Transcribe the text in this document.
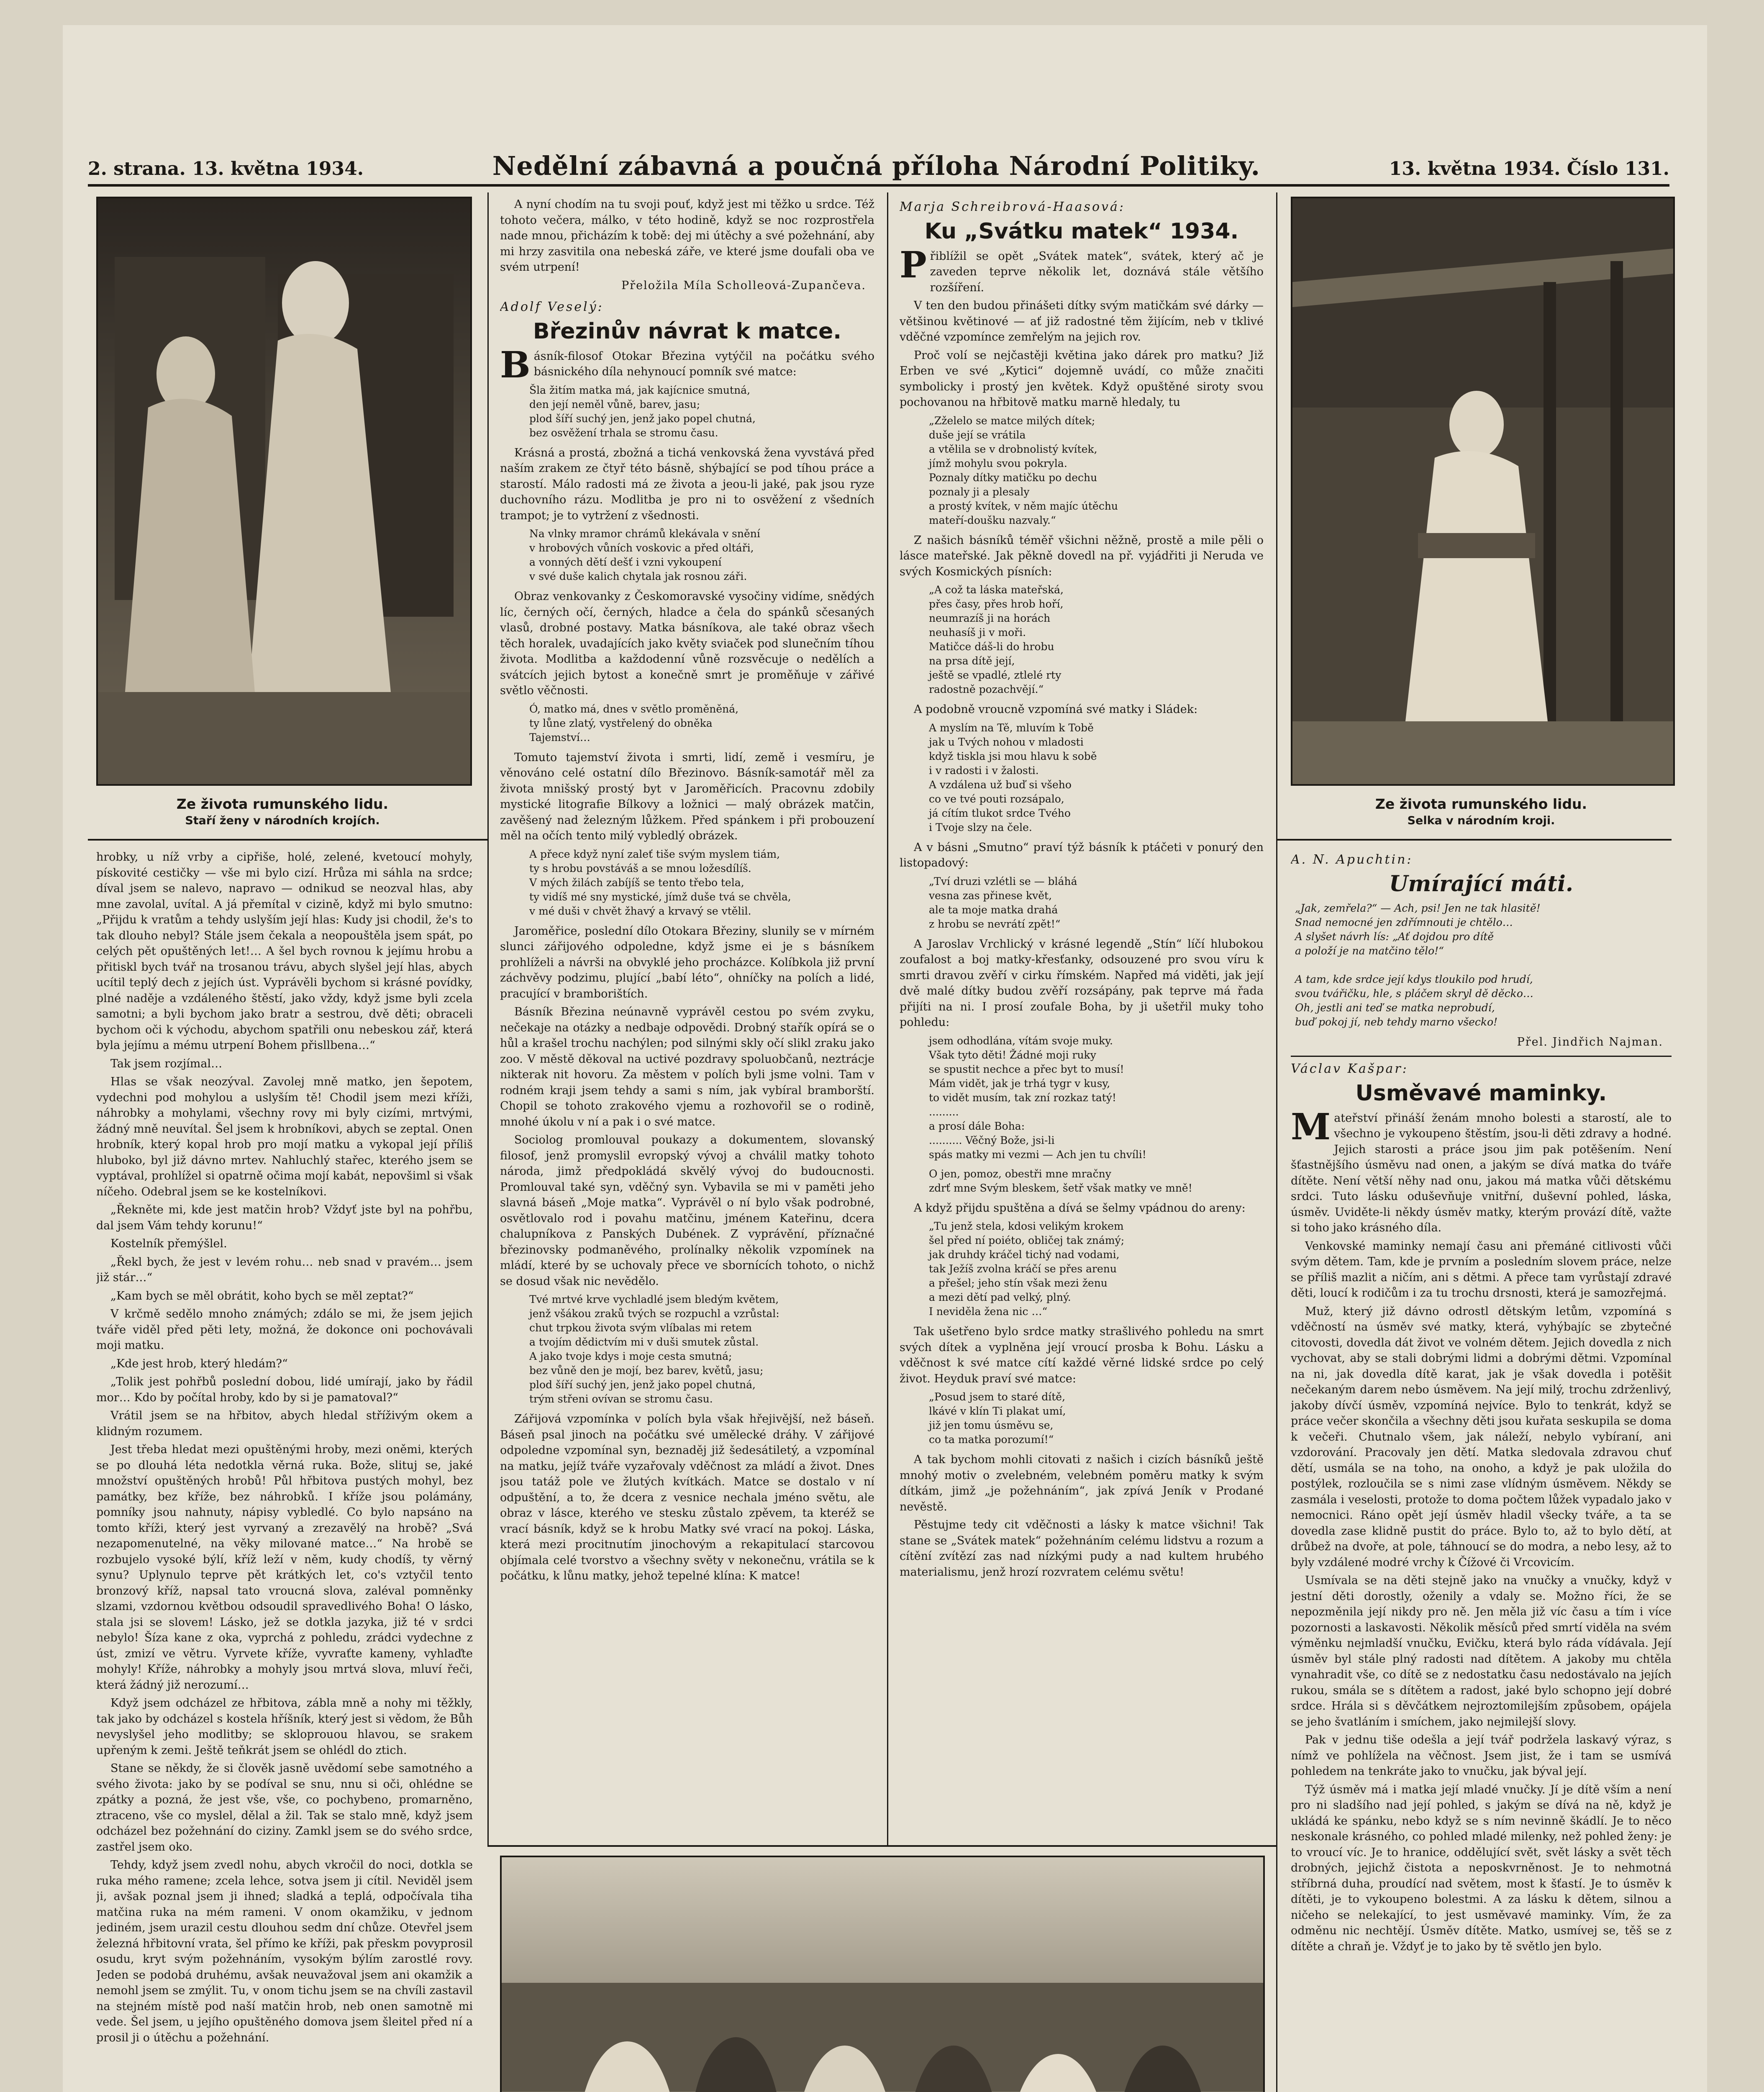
2. strana. 13. května 1934.	Nedělní zábavná a poučná příloha Národní Politiky.	13. května 1934. Číslo 131.
Ze života rumunského lidu.
Staří ženy v národních krojích.
Ze života rumunského lidu.
Selka v národním kroji.

hrobky, u níž vrby a cipřiše, holé, zelené, kvetoucí mohyly, pískovité cestičky — vše mi bylo cizí. Hrůza mi sáhla na srdce; díval jsem se nalevo, napravo — odnikud se neozval hlas, aby mne zavolal, uvítal. A já přemítal v cizině, když mi bylo smutno: „Přijdu k vratům a tehdy uslyším její hlas: Kudy jsi chodil, že's to tak dlouho nebyl? Stále jsem čekala a neopouštěla jsem spát, po celých pět opuštěných let!… A šel bych rovnou k jejímu hrobu a přitiskl bych tvář na trosanou trávu, abych slyšel její hlas, abych ucítil teplý dech z jejích úst. Vyprávěli bychom si krásné povídky, plné naděje a vzdáleného štěstí, jako vždy, když jsme byli zcela samotni; a byli bychom jako bratr a sestrou, dvě děti; obraceli bychom oči k východu, abychom spatřili onu nebeskou zář, která byla jejímu a mému utrpení Bohem přisllbena…“

Tak jsem rozjímal…

Hlas se však neozýval. Zavolej mně matko, jen šepotem, vydechni pod mohylou a uslyším tě! Chodil jsem mezi kříži, náhrobky a mohylami, všechny rovy mi byly cizími, mrtvými, žádný mně neuvítal. Šel jsem k hrobníkovi, abych se zeptal. Onen hrobník, který kopal hrob pro mojí matku a vykopal její příliš hluboko, byl již dávno mrtev. Nahluchlý stařec, kterého jsem se vyptával, prohlížel si opatrně očima mojí kabát, nepovšiml si však níčeho. Odebral jsem se ke kostelníkovi.

„Řekněte mi, kde jest matčin hrob? Vždyť jste byl na pohřbu, dal jsem Vám tehdy korunu!“

Kostelník přemýšlel.

„Řekl bych, že jest v levém rohu… neb snad v pravém… jsem již stár…“

„Kam bych se měl obrátit, koho bych se měl zeptat?“

V krčmě sedělo mnoho známých; zdálo se mi, že jsem jejich tváře viděl před pěti lety, možná, že dokonce oni pochovávali moji matku.

„Kde jest hrob, který hledám?“

„Tolik jest pohřbů poslední dobou, lidé umírají, jako by řádil mor… Kdo by počítal hroby, kdo by si je pamatoval?“

Vrátil jsem se na hřbitov, abych hledal stříživým okem a klidným rozumem.

Jest třeba hledat mezi opuštěnými hroby, mezi oněmi, kterých se po dlouhá léta nedotkla věrná ruka. Bože, slituj se, jaké množství opuštěných hrobů! Půl hřbitova pustých mohyl, bez památky, bez kříže, bez náhrobků. I kříže jsou polámány, pomníky jsou nahnuty, nápisy vybledlé. Co bylo napsáno na tomto kříži, který jest vyrvaný a zrezavělý na hrobě? „Svá nezapomenutelné, na věky milované matce…“ Na hrobě se rozbujelo vysoké býlí, kříž leží v něm, kudy chodíš, ty věrný synu? Uplynulo teprve pět krátkých let, co's vztyčil tento bronzový kříž, napsal tato vroucná slova, zaléval pomněnky slzami, vzdornou květbou odsoudil spravedlivého Boha! O lásko, stala jsi se slovem! Lásko, jež se dotkla jazyka, již té v srdci nebylo! Šíza kane z oka, vyprchá z pohledu, zrádci vydechne z úst, zmizí ve větru. Vyrvete kříže, vyvraťte kameny, vyhlaďte mohyly! Kříže, náhrobky a mohyly jsou mrtvá slova, mluví řeči, která žádný již nerozumí…

Když jsem odcházel ze hřbitova, zábla mně a nohy mi těžkly, tak jako by odcházel s kostela hříšník, který jest si vědom, že Bůh nevyslyšel jeho modlitby; se skloprouou hlavou, se srakem upřeným k zemi. Ještě teňkrát jsem se ohlédl do ztich.

Stane se někdy, že si člověk jasně uvědomí sebe samotného a svého života: jako by se podíval se snu, nnu si oči, ohlédne se zpátky a pozná, že jest vše, vše, co pochybeno, promarněno, ztraceno, vše co myslel, dělal a žil. Tak se stalo mně, když jsem odcházel bez požehnání do ciziny. Zamkl jsem se do svého srdce, zastřel jsem oko.

Tehdy, když jsem zvedl nohu, abych vkročil do noci, dotkla se ruka mého ramene; zcela lehce, sotva jsem ji cítil. Neviděl jsem ji, avšak poznal jsem ji ihned; sladká a teplá, odpočívala tiha matčina ruka na mém rameni. V onom okamžiku, v jednom jediném, jsem urazil cestu dlouhou sedm dní chůze. Otevřel jsem železná hřbitovní vrata, šel přímo ke kříži, pak přeskm povyprosil osudu, kryt svým požehnáním, vysokým býlím zarostlé rovy. Jeden se podobá druhému, avšak neuvažoval jsem ani okamžik a nemohl jsem se zmýlit. Tu, v onom tichu jsem se na chvíli zastavil na stejném místě pod naší matčin hrob, neb onen samotně mi vede. Šel jsem, u jejího opuštěného domova jsem šleitel před ní a prosil ji o útěchu a požehnání.

A nyní chodím na tu svoji pouť, když jest mi těžko u srdce. Též tohoto večera, málko, v této hodině, když se noc rozprostřela nade mnou, přicházím k tobě: dej mi útěchy a své požehnání, aby mi hrzy zasvitila ona nebeská záře, ve které jsme doufali oba ve svém utrpení!

Přeložila Míla Scholleová-Zupančeva.
Adolf Veselý:
Březinův návrat k matce.

Básník-filosof Otokar Březina vytýčil na počátku svého básnického díla nehynoucí pomník své matce:

Šla žitím matka má, jak kajícnice smutná,
den její neměl vůně, barev, jasu;
plod šíří suchý jen, jenž jako popel chutná,
bez osvěžení trhala se stromu času.

Krásná a prostá, zbožná a tichá venkovská žena vyvstává před naším zrakem ze čtyř této básně, shýbající se pod tíhou práce a starostí. Málo radosti má ze života a jeou-li jaké, pak jsou ryze duchovního rázu. Modlitba je pro ni to osvěžení z všedních trampot; je to vytržení z všednosti.

Na vlnky mramor chrámů klekávala v snění
v hrobových vůních voskovic a před oltáři,
a vonných dětí dešť i vzni vykoupení
v své duše kalich chytala jak rosnou záři.

Obraz venkovanky z Českomoravské vysočiny vidíme, snědých líc, černých očí, černých, hladce a čela do spánků sčesaných vlasů, drobné postavy. Matka básníkova, ale také obraz všech těch horalek, uvadajících jako květy sviaček pod slunečním tíhou života. Modlitba a každodenní vůně rozsvěcuje o nedělích a svátcích jejich bytost a konečně smrt je proměňuje v zářivé světlo věčnosti.

Ó, matko má, dnes v světlo proměněná,
ty lůne zlatý, vystřelený do obněka
Tajemství…

Tomuto tajemství života i smrti, lidí, země i vesmíru, je věnováno celé ostatní dílo Březinovo. Básník-samotář měl za života mnišský prostý byt v Jaroměřicích. Pracovnu zdobily mystické litografie Bílkovy a ložnici — malý obrázek matčin, zavěšený nad železným lůžkem. Před spánkem i při probouzení měl na očích tento milý vybledlý obrázek.

A přece když nyní zaleť tiše svým myslem tiám,
ty s hrobu povstáváš a se mnou ložesdílíš.
V mých žilách zabíjíš se tento třebo tela,
ty vidíš mé sny mystické, jímž duše tvá se chvěla,
v mé duši v chvět žhavý a krvavý se vtělil.

Jaroměřice, poslední dílo Otokara Březiny, slunily se v mírném slunci zářijového odpoledne, když jsme ei je s básníkem prohlíželi a návrši na obvyklé jeho procházce. Kolíbkola již první záchvěvy podzimu, plující „babí léto“, ohníčky na polích a lidé, pracující v bramborištích.

Básník Březina neúnavně vyprávěl cestou po svém zvyku, nečekaje na otázky a nedbaje odpovědi. Drobný stařík opírá se o hůl a krašel trochu nachýlen; pod silnými skly očí slikl zraku jako zoo. V městě děkoval na uctivé pozdravy spoluobčanů, neztrácje nikterak nit hovoru. Za městem v polích byli jsme volni. Tam v rodném kraji jsem tehdy a sami s ním, jak vybíral bramborští. Chopil se tohoto zrakového vjemu a rozhovořil se o rodině, mnohé úkolu v ní a pak i o své matce.

Sociolog promlouval poukazy a dokumentem, slovanský filosof, jenž promyslil evropský vývoj a chválil matky tohoto národa, jimž předpokládá skvělý vývoj do budoucnosti. Promlouval také syn, vděčný syn. Vybavila se mi v paměti jeho slavná báseň „Moje matka“. Vyprávěl o ní bylo však podrobné, osvětlovalo rod i povahu matčinu, jménem Kateřinu, dcera chalupníkova z Panských Dubének. Z vyprávění, příznačné březinovsky podmaněvého, prolínalky několik vzpomínek na mládí, které by se uchovaly přece ve sbornících tohoto, o nichž se dosud však nic nevědělo.

Tvé mrtvé krve vychladlé jsem bledým květem,
jenž všákou zraků tvých se rozpuchl a vzrůstal:
chut trpkou života svým vlíbalas mi retem
a tvojím dědictvím mi v duši smutek zůstal.
A jako tvoje kdys i moje cesta smutná;
bez vůně den je mojí, bez barev, květů, jasu;
plod šíří suchý jen, jenž jako popel chutná,
trým střeni ovívan se stromu času.

Zářijová vzpomínka v polích byla však hřejivější, než báseň. Báseň psal jinoch na počátku své umělecké dráhy. V zářijové odpoledne vzpomínal syn, beznaděj již šedesátiletý, a vzpomínal na matku, jejíž tváře vyzařovaly vděčnost za mládí a život. Dnes jsou tatáž pole ve žlutých kvítkách. Matce se dostalo v ní odpuštění, a to, že dcera z vesnice nechala jméno světu, ale obraz v lásce, kterého ve stesku zůstalo zpěvem, ta kteréž se vrací básník, když se k hrobu Matky své vrací na pokoj. Láska, která mezi procitnutím jinochovým a rekapitulací starcovou objímala celé tvorstvo a všechny světy v nekonečnu, vrátila se k počátku, k lůnu matky, jehož tepelné klína: K matce!

Marja Schreibrová-Haasová:
Ku „Svátku matek“ 1934.

Přiblížil se opět „Svátek matek“, svátek, který ač je zaveden teprve několik let, doznává stále většího rozšíření.

V ten den budou přinášeti dítky svým matičkám své dárky — většinou květinové — ať již radostné těm žijícím, neb v tklivé vděčné vzpomínce zemřelým na jejich rov.

Proč volí se nejčastěji květina jako dárek pro matku? Již Erben ve své „Kytici“ dojemně uvádí, co může značiti symbolicky i prostý jen květek. Když opuštěné siroty svou pochovanou na hřbitově matku marně hledaly, tu

„Zželelo se matce milých dítek;
duše její se vrátila
a vtělila se v drobnolistý kvítek,
jímž mohylu svou pokryla.
Poznaly dítky matičku po dechu
poznaly ji a plesaly
a prostý kvítek, v něm majíc útěchu
mateří-doušku nazvaly.“

Z našich básníků téměř všichni něžně, prostě a mile pěli o lásce mateřské. Jak pěkně dovedl na př. vyjádřiti ji Neruda ve svých Kosmických písních:

„A což ta láska mateřská,
přes časy, přes hrob hoří,
neumrazíš ji na horách
neuhasíš ji v moři.
Matičce dáš-li do hrobu
na prsa dítě její,
ještě se vpadlé, ztlelé rty
radostně pozachvějí.“

A podobně vroucně vzpomíná své matky i Sládek:

A myslím na Tě, mluvím k Tobě
jak u Tvých nohou v mladosti
když tiskla jsi mou hlavu k sobě
i v radosti i v žalosti.
A vzdálena už buď si všeho
co ve tvé pouti rozsápalo,
já cítím tlukot srdce Tvého
i Tvoje slzy na čele.

A v básni „Smutno“ praví týž básník k ptáčeti v ponurý den listopadový:

„Tví druzi vzlétli se — bláhá
vesna zas přinese květ,
ale ta moje matka drahá
z hrobu se nevrátí zpět!“

A Jaroslav Vrchlický v krásné legendě „Stín“ líčí hlubokou zoufalost a boj matky-křesťanky, odsouzené pro svou víru k smrti dravou zvěří v cirku římském. Napřed má viděti, jak její dvě malé dítky budou zvěří rozsápány, pak teprve má řada přijíti na ni. I prosí zoufale Boha, by ji ušetřil muky toho pohledu:

jsem odhodlána, vítám svoje muky.
Však tyto děti! Žádné moji ruky
se spustit nechce a přec byt to musí!
Mám vidět, jak je trhá tygr v kusy,
to vidět musím, tak zní rozkaz tatý!
.........
a prosí dále Boha:
.......... Věčný Bože, jsi-li
spás matky mi vezmi — Ach jen tu chvíli!
O jen, pomoz, obestři mne mračny
zdrť mne Svým bleskem, šetř však matky ve mně!

A když přijdu spuštěna a dívá se šelmy vpádnou do areny:

„Tu jenž stela, kdosi velikým krokem
šel před ní poiéto, obličej tak známý;
jak druhdy kráčel tichý nad vodami,
tak Ježíš zvolna kráčí se přes arenu
a přešel; jeho stín však mezi ženu
a mezi dětí pad velký, plný.
I neviděla žena nic …“

Tak ušetřeno bylo srdce matky strašlivého pohledu na smrt svých dítek a vyplněna její vroucí prosba k Bohu. Lásku a vděčnost k své matce cítí každé věrné lidské srdce po celý život. Heyduk praví své matce:

„Posud jsem to staré dítě,
lkávé v klín Ti plakat umí,
již jen tomu úsměvu se,
co ta matka porozumí!“

A tak bychom mohli citovati z našich i cizích básníků ještě mnohý motiv o zvelebném, velebném poměru matky k svým dítkám, jimž „je požehnáním“, jak zpívá Jeník v Prodané nevěstě.

Pěstujme tedy cit vděčnosti a lásky k matce všichni! Tak stane se „Svátek matek“ požehnáním celému lidstvu a rozum a cítění zvítězí zas nad nízkými pudy a nad kultem hrubého materialismu, jenž hrozí rozvratem celému světu!

A. N. Apuchtin:
Umírající máti.
„Jak, zemřela?“ — Ach, psi! Jen ne tak hlasitě!
Snad nemocné jen zdřímnouti je chtělo…
A slyšet návrh lís: „Ať dojdou pro dítě
a položí je na matčino tělo!“

A tam, kde srdce její kdys tloukilo pod hrudí,
svou tvářičku, hle, s pláčem skryl dě děcko…
Oh, jestli ani teď se matka neprobudí,
buď pokoj jí, neb tehdy marno všecko!
Přel. Jindřich Najman.
Václav Kašpar:
Usměvavé maminky.

Mateřství přináší ženám mnoho bolesti a starostí, ale to všechno je vykoupeno štěstím, jsou-li děti zdravy a hodné. Jejich starosti a práce jsou jim pak potěšením. Není šťastnějšího úsměvu nad onen, a jakým se dívá matka do tváře dítěte. Není větší něhy nad onu, jakou má matka vůči dětskému srdci. Tuto lásku oduševňuje vnitřní, duševní pohled, láska, úsměv. Uviděte-li někdy úsměv matky, kterým provází dítě, važte si toho jako krásného díla.

Venkovské maminky nemají času ani přemáné citlivosti vůči svým dětem. Tam, kde je prvním a posledním slovem práce, nelze se příliš mazlit a ničím, ani s dětmi. A přece tam vyrůstají zdravé děti, loucí k rodičům i za tu trochu drsnosti, která je samozřejmá.

Muž, který již dávno odrostl dětským letům, vzpomíná s vděčností na úsměv své matky, která, vyhýbajíc se zbytečné citovosti, dovedla dát život ve volném dětem. Jejich dovedla z nich vychovat, aby se stali dobrými lidmi a dobrými dětmi. Vzpomínal na ni, jak dovedla dítě karat, jak je však dovedla i potěšit nečekaným darem nebo úsměvem. Na její milý, trochu zdrženlivý, jakoby dívčí úsměv, vzpomíná nejvíce. Bylo to tenkrát, když se práce večer skončila a všechny děti jsou kuřata seskupila se doma k večeři. Chutnalo všem, jak náleží, nebylo vybíraní, ani vzdorování. Pracovaly jen dětí. Matka sledovala zdravou chuť dětí, usmála se na toho, na onoho, a když je pak uložila do postýlek, rozloučila se s nimi zase vlídným úsměvem. Někdy se zasmála i veselosti, protože to doma počtem lůžek vypadalo jako v nemocnici. Ráno opět její úsměv hladil všecky tváře, a ta se dovedla zase klidně pustit do práce. Bylo to, až to bylo dětí, at drůbež na dvoře, at pole, táhnoucí se do modra, a nebo lesy, až to byly vzdálené modré vrchy k Čížové či Vrcovicím.

Usmívala se na děti stejně jako na vnučky a vnučky, když v jestní děti dorostly, oženily a vdaly se. Možno říci, že se nepozměnila její nikdy pro ně. Jen měla již víc času a tím i více pozornosti a laskavosti. Několik měsíců před smrtí viděla na svém výměnku nejmladší vnučku, Evičku, která bylo ráda vídávala. Její úsměv byl stále plný radosti nad dítětem. A jakoby mu chtěla vynahradit vše, co dítě se z nedostatku času nedostávalo na jejích rukou, smála se s dítětem a radost, jaké bylo schopno její dobré srdce. Hrála si s děvčátkem nejroztomilejším způsobem, opájela se jeho švatláním i smíchem, jako nejmilejší slovy.

Pak v jednu tiše odešla a její tvář podržela laskavý výraz, s nímž ve pohlížela na věčnost. Jsem jist, že i tam se usmívá pohledem na tenkráte jako to vnučku, jak býval její.

Týž úsměv má i matka její mladé vnučky. Jí je dítě vším a není pro ni sladšího nad její pohled, s jakým se dívá na ně, když je ukládá ke spánku, nebo když se s ním nevinně škádlí. Je to něco neskonale krásného, co pohled mladé milenky, než pohled ženy: je to vroucí víc. Je to hranice, oddělující svět, svět lásky a svět těch drobných, jejichž čistota a neposkvrněnost. Je to nehmotná stříbrná duha, proudící nad světem, most k šťastí. Je to úsměv k dítěti, je to vykoupeno bolestmi. A za lásku k dětem, silnou a ničeho se nelekající, to jest usměvavé maminky. Vím, že za odměnu nic nechtějí. Úsměv dítěte. Matko, usmívej se, těš se z dítěte a chraň je. Vždyť je to jako by tě světlo jen bylo.
